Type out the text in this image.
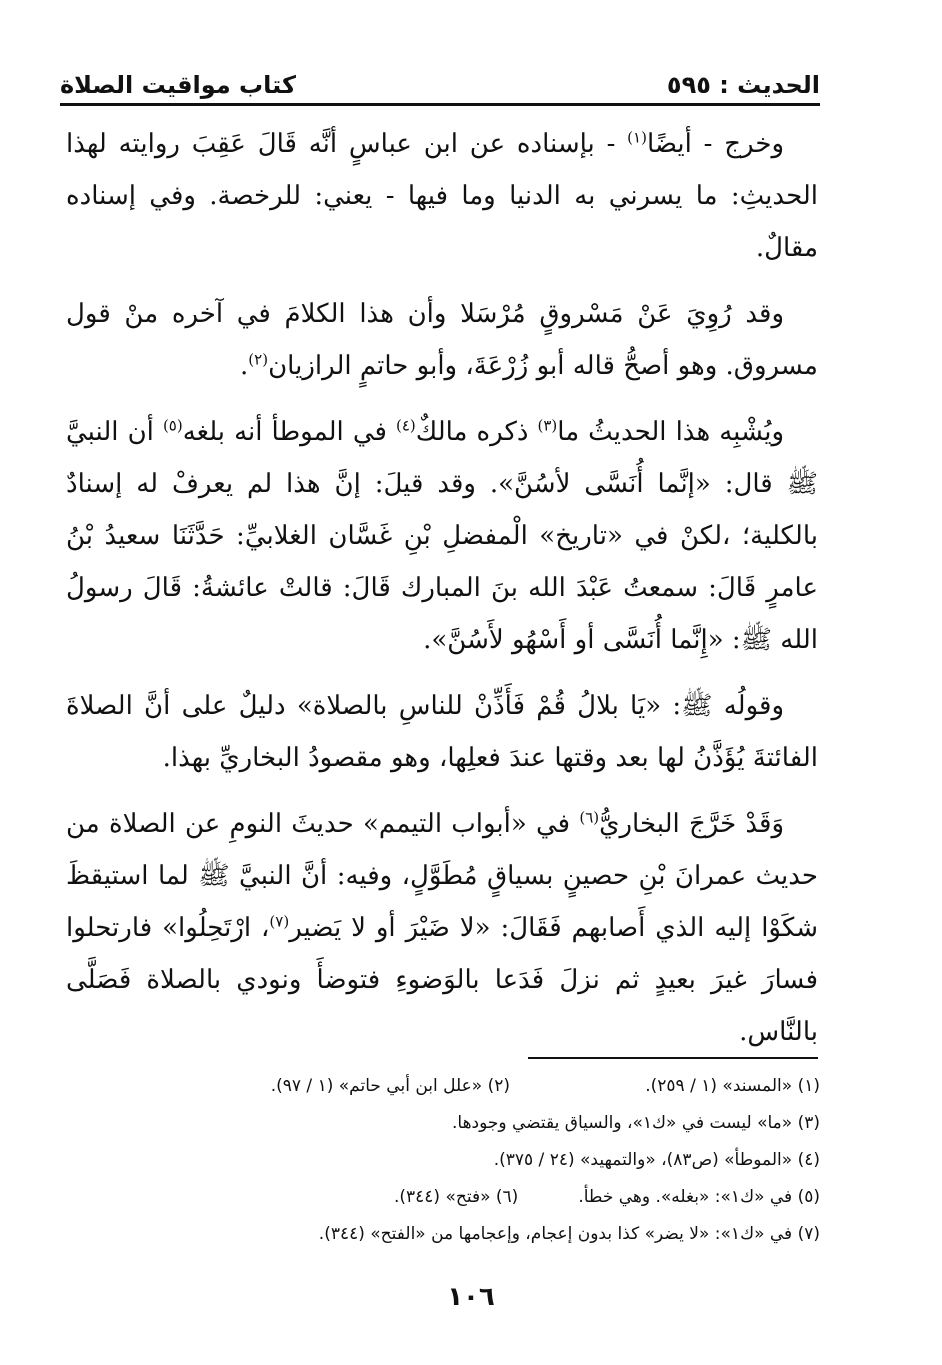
الحديث : ٥٩٥
كتاب مواقيت الصلاة

وخرج - أيضًا$^{(١)}$ - بإسناده عن ابن عباسٍ أنَّه قَالَ عَقِبَ روايته لهذا الحديثِ: ما يسرني به الدنيا وما فيها - يعني: للرخصة. وفي إسناده مقالٌ.

وقد رُوِيَ عَنْ مَسْروقٍ مُرْسَلا وأن هذا الكلامَ في آخره منْ قول مسروق. وهو أصحُّ قاله أبو زُرْعَةَ، وأبو حاتمٍ الرازيان$^{(٢)}$.

ويُشْبِه هذا الحديثُ ما$^{(٣)}$ ذكره مالكٌ$^{(٤)}$ في الموطأ أنه بلغه$^{(٥)}$ أن النبيَّ ﷺ قال: «إنَّما أُنَسَّى لأسُنَّ». وقد قيلَ: إنَّ هذا لم يعرفْ له إسنادٌ بالكلية؛ ،لكنْ في «تاريخ» الْمفضلِ بْنِ غَسَّان الغلابيِّ: حَدَّثَنَا سعيدُ بْنُ عامرٍ قَالَ: سمعتُ عَبْدَ الله بنَ المبارك قَالَ: قالتْ عائشةُ: قَالَ رسولُ الله ﷺ: «إِنَّما أُنَسَّى أو أَسْهُو لأَسُنَّ».

وقولُه ﷺ: «يَا بلالُ قُمْ فَأَذِّنْ للناسِ بالصلاة» دليلٌ على أنَّ الصلاةَ الفائتةَ يُؤَذَّنُ لها بعد وقتها عندَ فعلِها، وهو مقصودُ البخاريِّ بهذا.

وَقَدْ خَرَّجَ البخاريُّ$^{(٦)}$ في «أبواب التيمم» حديثَ النومِ عن الصلاة من حديث عمرانَ بْنِ حصينٍ بسياقٍ مُطَوَّلٍ، وفيه: أنَّ النبيَّ ﷺ لما استيقظَ شكَوْا إليه الذي أَصابهم فَقَالَ: «لا ضَيْرَ أو لا يَضير$^{(٧)}$، ارْتَحِلُوا» فارتحلوا فسارَ غيرَ بعيدٍ ثم نزلَ فَدَعا بالوَضوءِ فتوضأَ ونودي بالصلاة فَصَلَّى بالنَّاس.

(١) «المسند» (١ / ٢٥٩).
(٢) «علل ابن أبي حاتم» (١ / ٩٧).
(٣) «ما» ليست في «ك١»، والسياق يقتضي وجودها.
(٤) «الموطأ» (ص٨٣)، «والتمهيد» (٢٤ / ٣٧٥).
(٥) في «ك١»: «بغله». وهي خطأ.
(٦) «فتح» (٣٤٤).
(٧) في «ك١»: «لا يضر» كذا بدون إعجام، وإعجامها من «الفتح» (٣٤٤).
١٠٦
